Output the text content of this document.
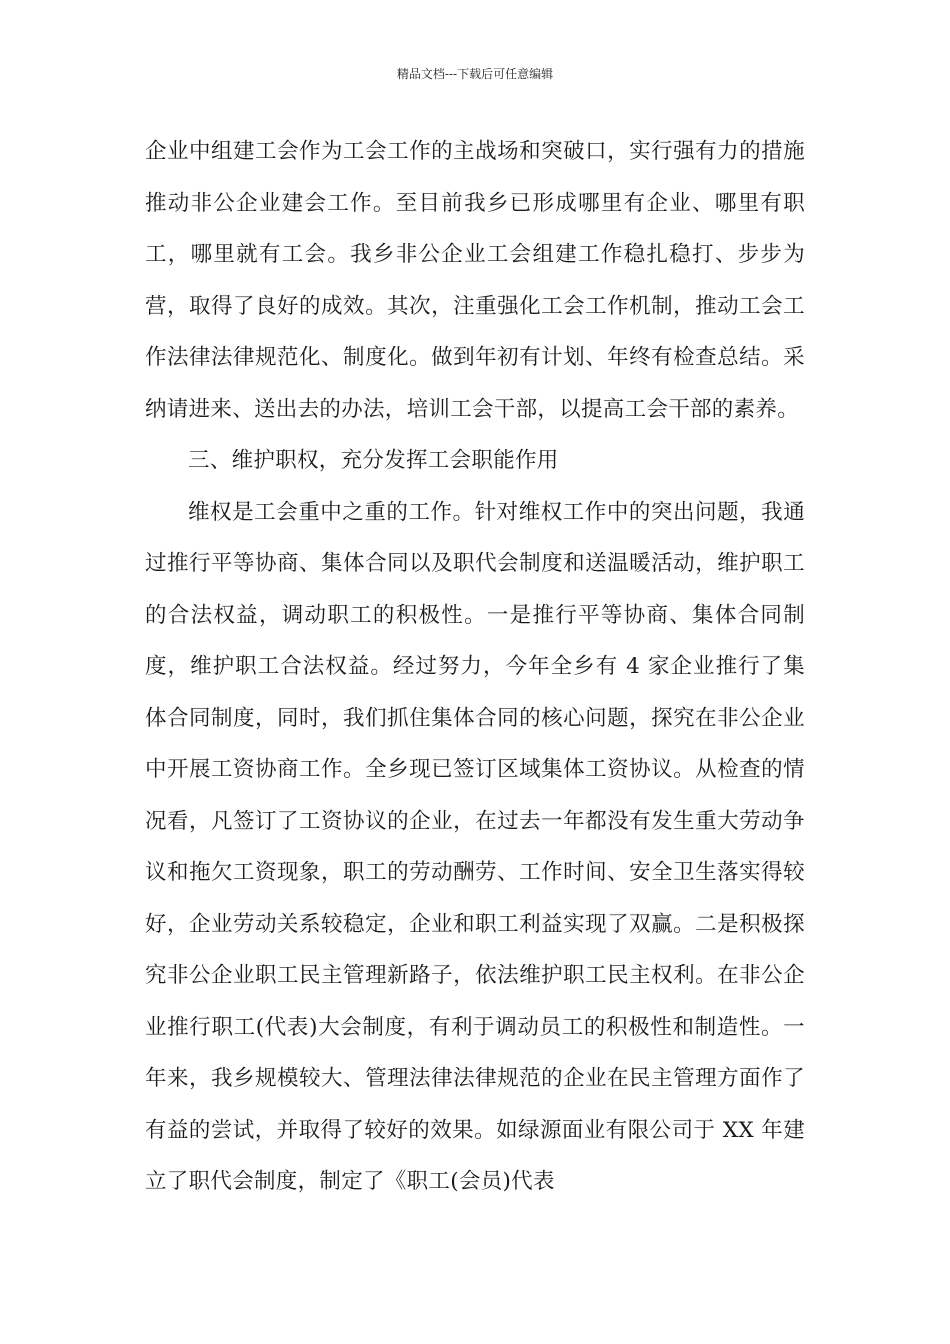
精品文档---下载后可任意编辑

企业中组建工会作为工会工作的主战场和突破口，实行强有力的措施推动非公企业建会工作。至目前我乡已形成哪里有企业、哪里有职工，哪里就有工会。我乡非公企业工会组建工作稳扎稳打、步步为营，取得了良好的成效。其次，注重强化工会工作机制，推动工会工作法律法律规范化、制度化。做到年初有计划、年终有检查总结。采纳请进来、送出去的办法，培训工会干部，以提高工会干部的素养。

三、维护职权，充分发挥工会职能作用

维权是工会重中之重的工作。针对维权工作中的突出问题，我通过推行平等协商、集体合同以及职代会制度和送温暖活动，维护职工的合法权益，调动职工的积极性。一是推行平等协商、集体合同制度，维护职工合法权益。经过努力，今年全乡有 4 家企业推行了集体合同制度，同时，我们抓住集体合同的核心问题，探究在非公企业中开展工资协商工作。全乡现已签订区域集体工资协议。从检查的情况看，凡签订了工资协议的企业，在过去一年都没有发生重大劳动争议和拖欠工资现象，职工的劳动酬劳、工作时间、安全卫生落实得较好，企业劳动关系较稳定，企业和职工利益实现了双赢。二是积极探究非公企业职工民主管理新路子，依法维护职工民主权利。在非公企业推行职工(代表)大会制度，有利于调动员工的积极性和制造性。一年来，我乡规模较大、管理法律法律规范的企业在民主管理方面作了有益的尝试，并取得了较好的效果。如绿源面业有限公司于 XX 年建立了职代会制度，制定了《职工(会员)代表
